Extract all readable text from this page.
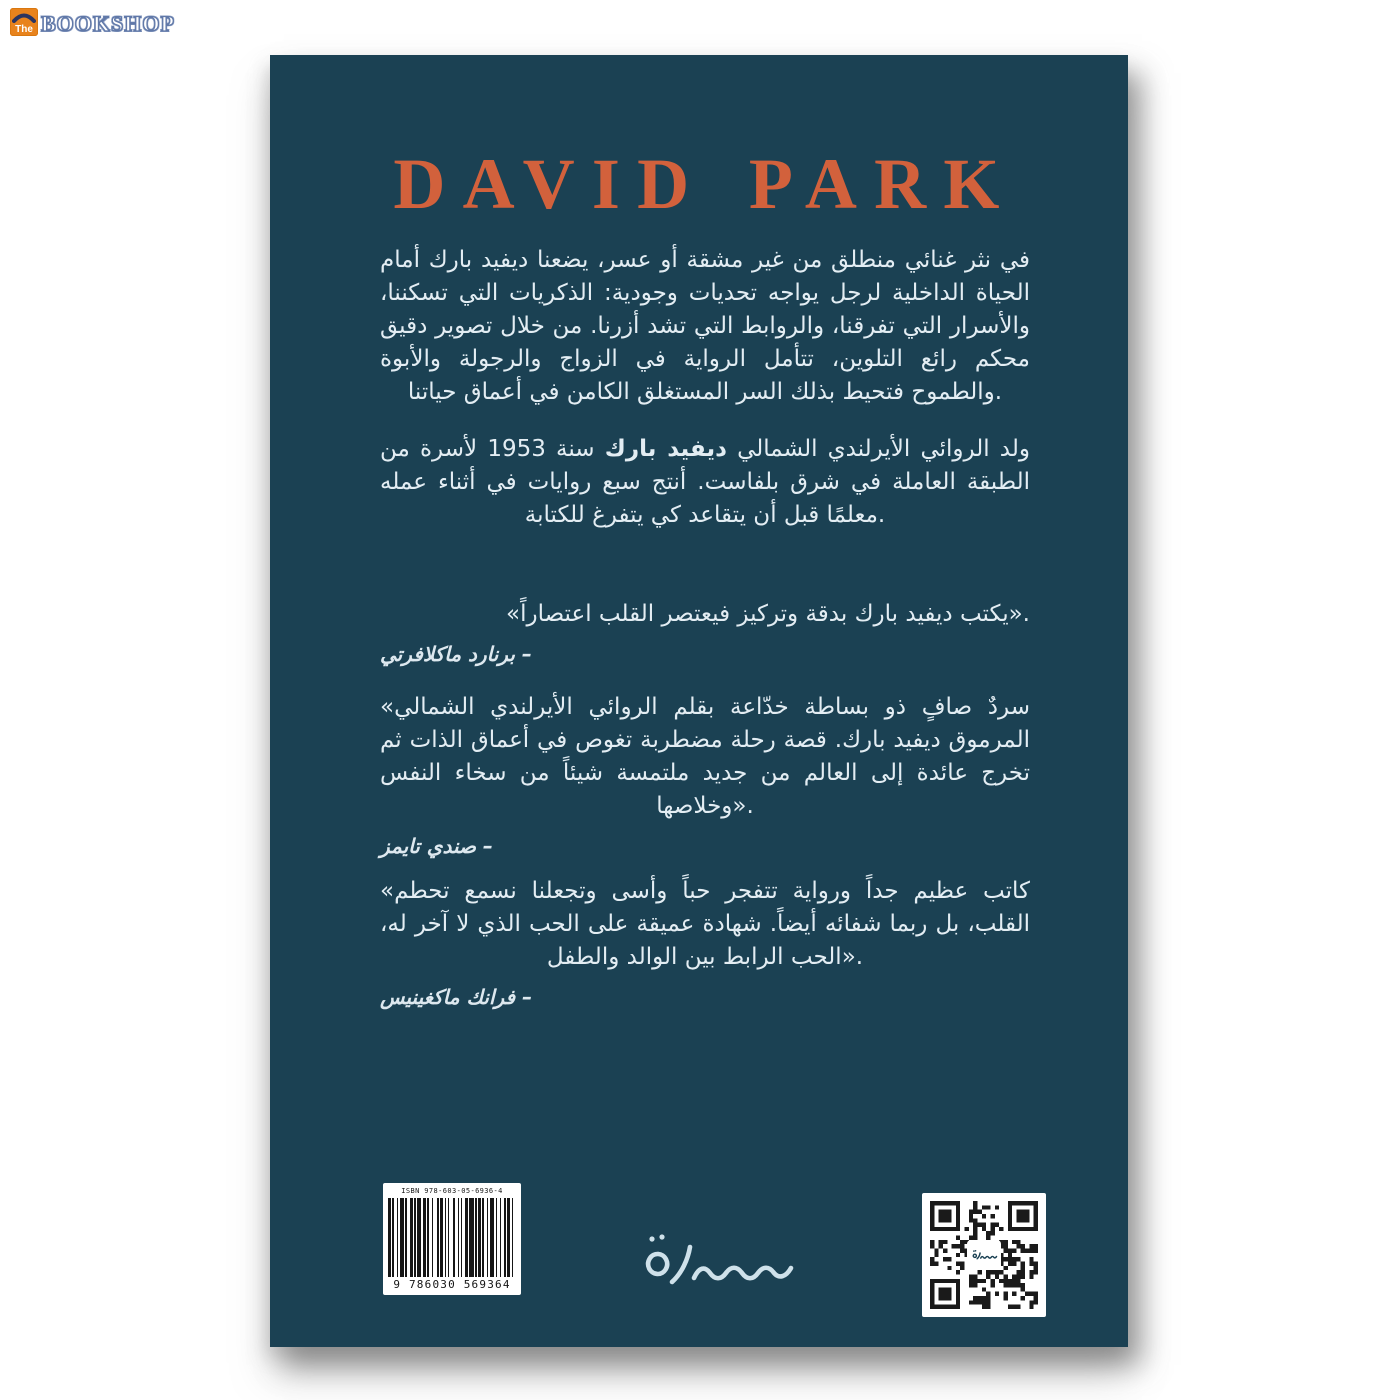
The BOOKSHOP
DAVID PARK

في نثر غنائي منطلق من غير مشقة أو عسر، يضعنا ديفيد بارك أمام الحياة الداخلية لرجل يواجه تحديات وجودية: الذكريات التي تسكننا، والأسرار التي تفرقنا، والروابط التي تشد أزرنا. من خلال تصوير دقيق محكم رائع التلوين، تتأمل الرواية في الزواج والرجولة والأبوة والطموح فتحيط بذلك السر المستغلق الكامن في أعماق حياتنا.

ولد الروائي الأيرلندي الشمالي ديفيد بارك سنة 1953 لأسرة من الطبقة العاملة في شرق بلفاست. أنتج سبع روايات في أثناء عمله معلمًا قبل أن يتقاعد كي يتفرغ للكتابة.

«يكتب ديفيد بارك بدقة وتركيز فيعتصر القلب اعتصاراً».

– برنارد ماكلافرتي

«سردٌ صافٍ ذو بساطة خدّاعة بقلم الروائي الأيرلندي الشمالي المرموق ديفيد بارك. قصة رحلة مضطربة تغوص في أعماق الذات ثم تخرج عائدة إلى العالم من جديد ملتمسة شيئاً من سخاء النفس وخلاصها».

– صندي تايمز

«كاتب عظيم جداً ورواية تتفجر حباً وأسى وتجعلنا نسمع تحطم القلب، بل ربما شفائه أيضاً. شهادة عميقة على الحب الذي لا آخر له، الحب الرابط بين الوالد والطفل».

– فرانك ماكغينيس

ISBN 978-603-05-6936-4
9 786030 569364
